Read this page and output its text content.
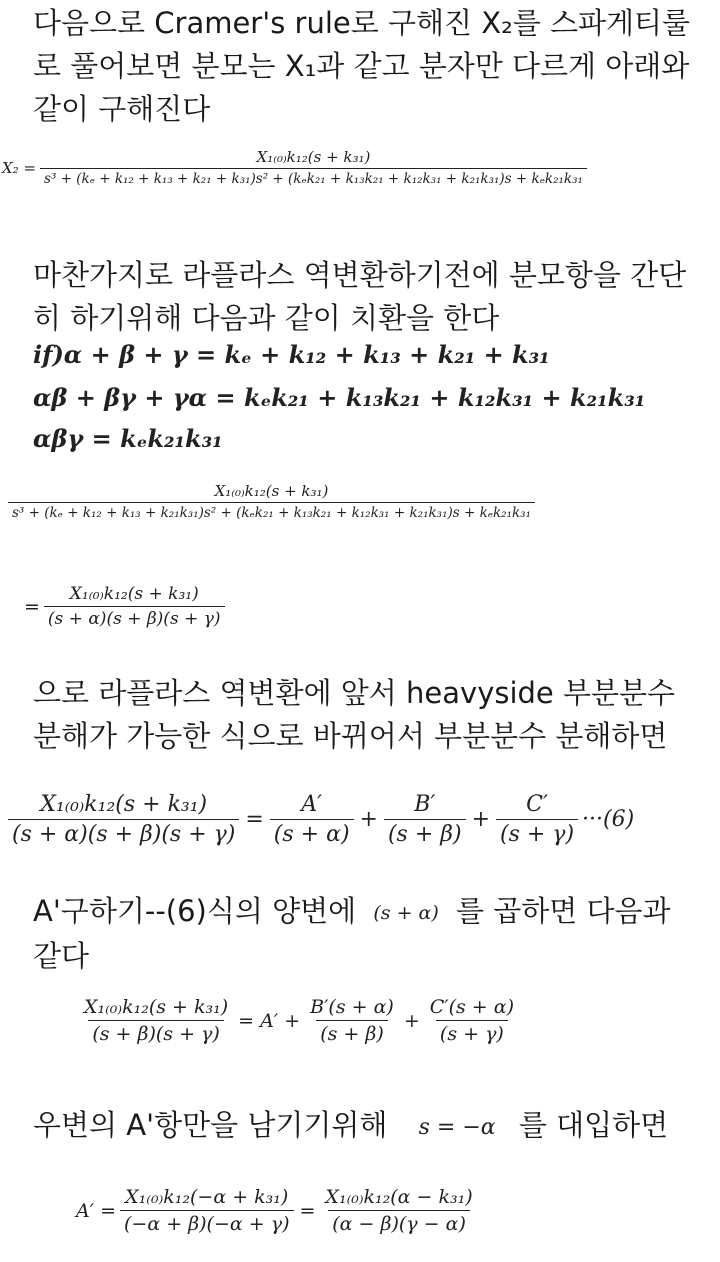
다음으로 Cramer's rule로 구해진 X₂를 스파게티룰로 풀어보면 분모는 X₁과 같고 분자만 다르게 아래와 같이 구해진다
X₂ =
X₁₍₀₎k₁₂(s + k₃₁)
s³ + (kₑ + k₁₂ + k₁₃ + k₂₁ + k₃₁)s² + (kₑk₂₁ + k₁₃k₂₁ + k₁₂k₃₁ + k₂₁k₃₁)s + kₑk₂₁k₃₁
마찬가지로 라플라스 역변환하기전에 분모항을 간단히 하기위해 다음과 같이 치환을 한다
if)α + β + γ = kₑ + k₁₂ + k₁₃ + k₂₁ + k₃₁
αβ + βγ + γα = kₑk₂₁ + k₁₃k₂₁ + k₁₂k₃₁ + k₂₁k₃₁
αβγ = kₑk₂₁k₃₁
X₁₍₀₎k₁₂(s + k₃₁)
s³ + (kₑ + k₁₂ + k₁₃ + k₂₁k₃₁)s² + (kₑk₂₁ + k₁₃k₂₁ + k₁₂k₃₁ + k₂₁k₃₁)s + kₑk₂₁k₃₁
= $\frac{\text{X₁₍₀₎k₁₂(s + k₃₁)}}{(s + \alpha)(s + \beta)(s + \gamma)}$
으로 라플라스 역변환에 앞서 heavyside 부분분수 분해가 가능한 식으로 바뀌어서 부분분수 분해하면
$\frac{\text{X₁₍₀₎k₁₂(s + k₃₁)}}{(s + \alpha)(s + \beta)(s + \gamma)} = \frac{A'}{(s + \alpha)} + \frac{B'}{(s + \beta)} + \frac{C'}{(s + \gamma)} \cdot\cdot\cdot(6)$
A'구하기--(6)식의 양변에 (s + α) 를 곱하면 다음과 같다
$\frac{\text{X₁₍₀₎k₁₂(s + k₃₁)}}{(s + \beta)(s + \gamma)} = A' + \frac{B'(s + \alpha)}{(s + \beta)} + \frac{C'(s + \alpha)}{(s + \gamma)}$
우변의 A'항만을 남기기위해 s = −α 를 대입하면
$A' = \frac{\text{X₁₍₀₎k₁₂(−α + k₃₁)}}{(-\alpha + \beta)(-\alpha + \gamma)} = \frac{\text{X₁₍₀₎k₁₂(α − k₃₁)}}{(\alpha - \beta)(\gamma - \alpha)}$
